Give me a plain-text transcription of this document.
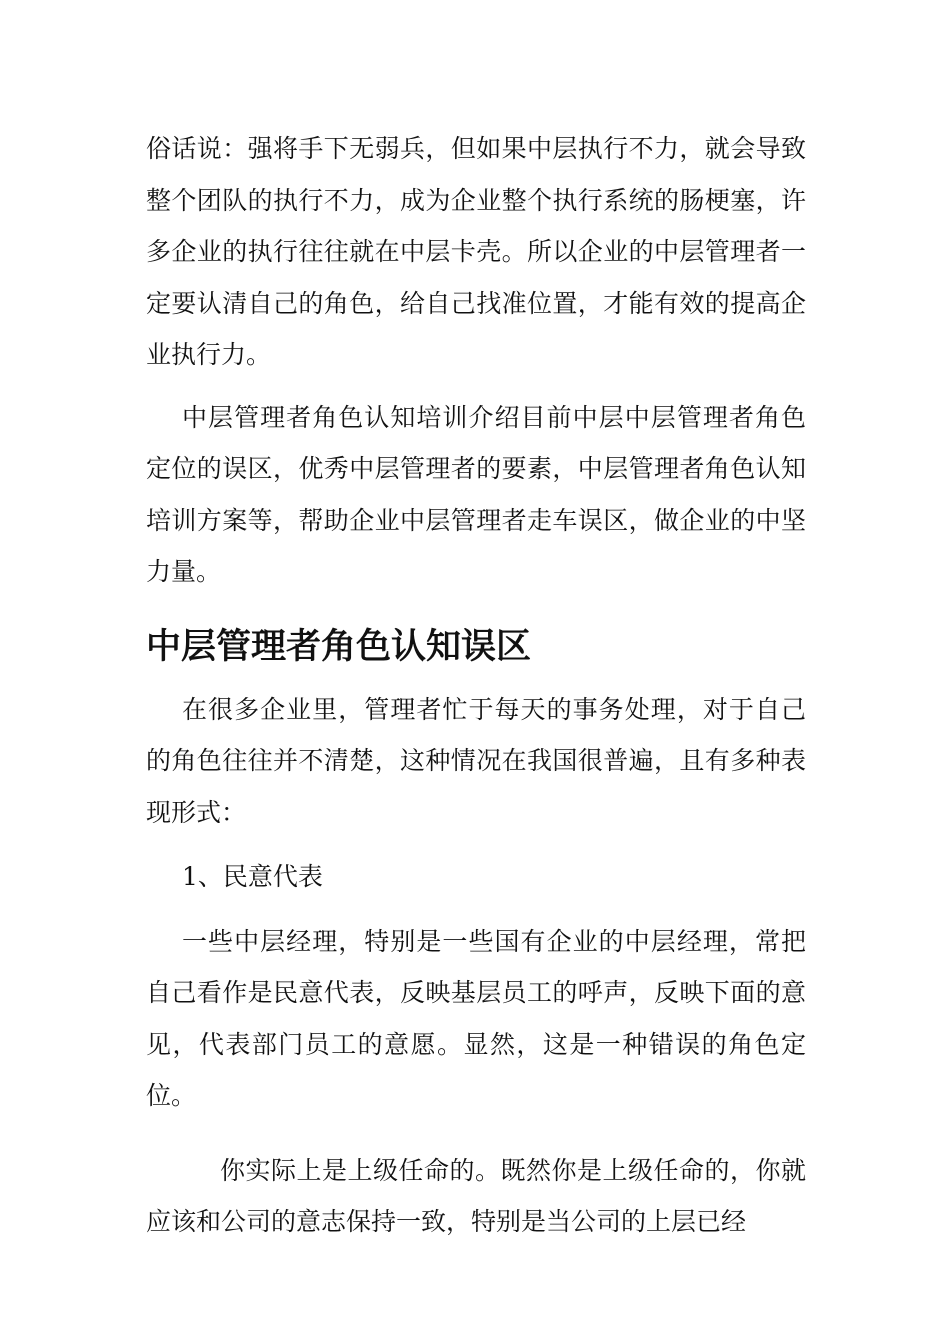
俗话说：强将手下无弱兵，但如果中层执行不力，就会导致整个团队的执行不力，成为企业整个执行系统的肠梗塞，许多企业的执行往往就在中层卡壳。所以企业的中层管理者一定要认清自己的角色，给自己找准位置，才能有效的提高企业执行力。

中层管理者角色认知培训介绍目前中层中层管理者角色定位的误区，优秀中层管理者的要素，中层管理者角色认知培训方案等，帮助企业中层管理者走车误区，做企业的中坚力量。

中层管理者角色认知误区

在很多企业里，管理者忙于每天的事务处理，对于自己的角色往往并不清楚，这种情况在我国很普遍，且有多种表现形式：

1、民意代表

一些中层经理，特别是一些国有企业的中层经理，常把自己看作是民意代表，反映基层员工的呼声，反映下面的意见，代表部门员工的意愿。显然，这是一种错误的角色定位。

你实际上是上级任命的。既然你是上级任命的，你就应该和公司的意志保持一致，特别是当公司的上层已经
